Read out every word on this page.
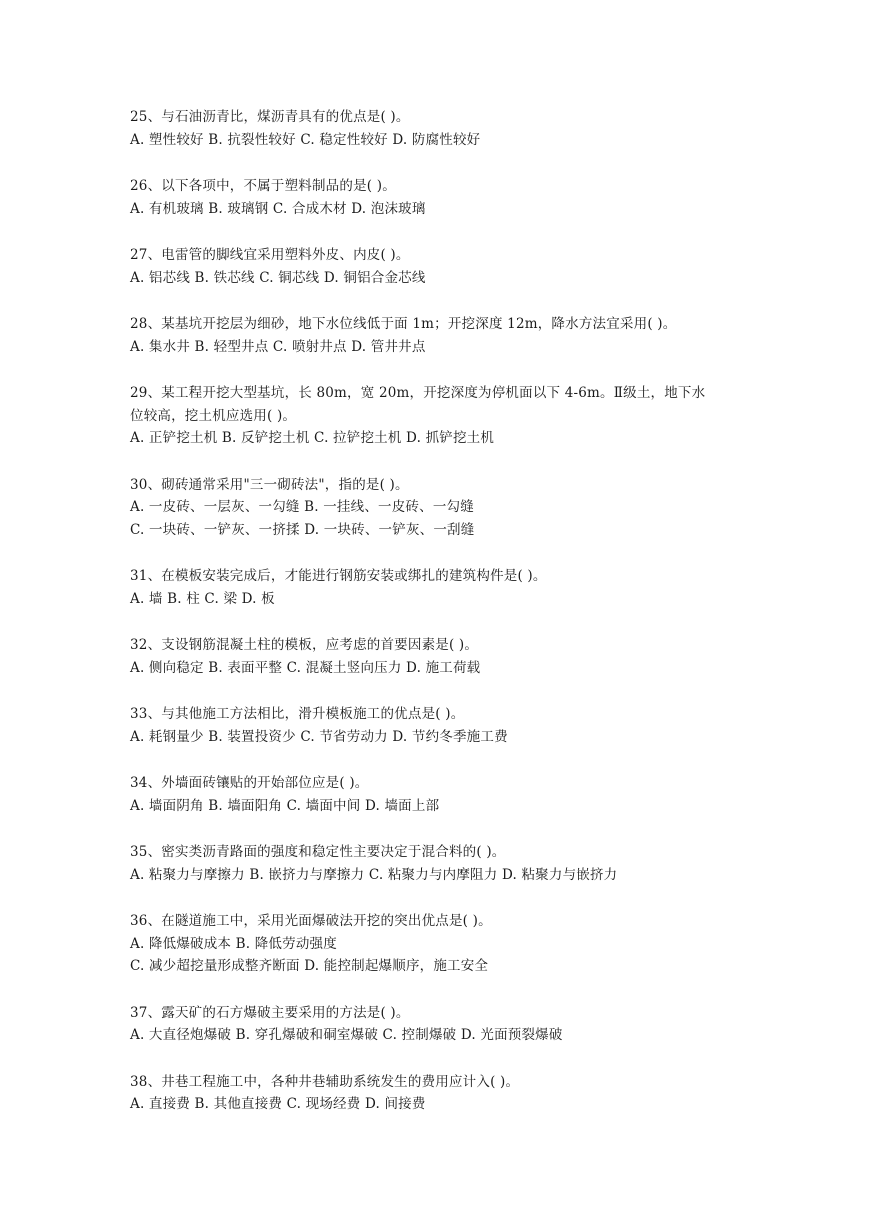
25、与石油沥青比，煤沥青具有的优点是( )。
A. 塑性较好 B. 抗裂性较好 C. 稳定性较好 D. 防腐性较好
26、以下各项中，不属于塑料制品的是( )。
A. 有机玻璃 B. 玻璃钢 C. 合成木材 D. 泡沫玻璃
27、电雷管的脚线宜采用塑料外皮、内皮( )。
A. 铝芯线 B. 铁芯线 C. 铜芯线 D. 铜铝合金芯线
28、某基坑开挖层为细砂，地下水位线低于面 1m；开挖深度 12m，降水方法宜采用( )。
A. 集水井 B. 轻型井点 C. 喷射井点 D. 管井井点
29、某工程开挖大型基坑，长 80m，宽 20m，开挖深度为停机面以下 4-6m。Ⅱ级土，地下水
位较高，挖土机应选用( )。
A. 正铲挖土机 B. 反铲挖土机 C. 拉铲挖土机 D. 抓铲挖土机
30、砌砖通常采用"三一砌砖法"，指的是( )。
A. 一皮砖、一层灰、一勾缝 B. 一挂线、一皮砖、一勾缝
C. 一块砖、一铲灰、一挤揉 D. 一块砖、一铲灰、一刮缝
31、在模板安装完成后，才能进行钢筋安装或绑扎的建筑构件是( )。
A. 墙 B. 柱 C. 梁 D. 板
32、支设钢筋混凝土柱的模板，应考虑的首要因素是( )。
A. 侧向稳定 B. 表面平整 C. 混凝土竖向压力 D. 施工荷载
33、与其他施工方法相比，滑升模板施工的优点是( )。
A. 耗钢量少 B. 装置投资少 C. 节省劳动力 D. 节约冬季施工费
34、外墙面砖镶贴的开始部位应是( )。
A. 墙面阴角 B. 墙面阳角 C. 墙面中间 D. 墙面上部
35、密实类沥青路面的强度和稳定性主要决定于混合料的( )。
A. 粘聚力与摩擦力 B. 嵌挤力与摩擦力 C. 粘聚力与内摩阻力 D. 粘聚力与嵌挤力
36、在隧道施工中，采用光面爆破法开挖的突出优点是( )。
A. 降低爆破成本 B. 降低劳动强度
C. 减少超挖量形成整齐断面 D. 能控制起爆顺序，施工安全
37、露天矿的石方爆破主要采用的方法是( )。
A. 大直径炮爆破 B. 穿孔爆破和硐室爆破 C. 控制爆破 D. 光面预裂爆破
38、井巷工程施工中，各种井巷辅助系统发生的费用应计入( )。
A. 直接费 B. 其他直接费 C. 现场经费 D. 间接费
